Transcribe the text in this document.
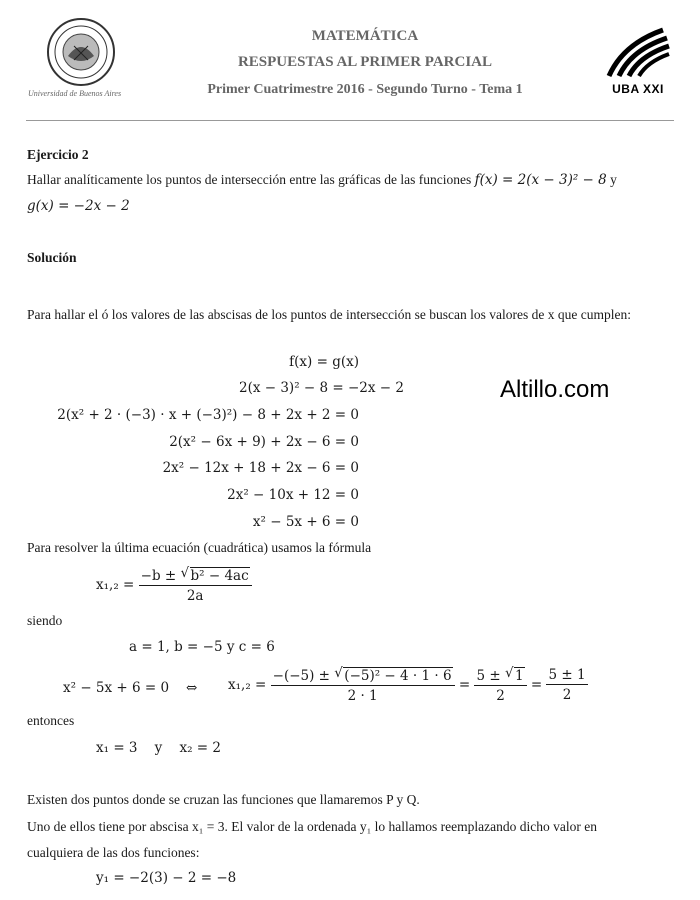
Universidad de Buenos Aires
MATEMÁTICA
RESPUESTAS AL PRIMER PARCIAL
Primer Cuatrimestre 2016 - Segundo Turno - Tema 1	UBA XXI
Altillo.com
Ejercicio 2
Hallar analíticamente los puntos de intersección entre las gráficas de las funciones f(x) = 2(x − 3)² − 8 y
g(x) = −2x − 2
Solución
Para hallar el ó los valores de las abscisas de los puntos de intersección se buscan los valores de x que cumplen:
f(x) = g(x)
2(x − 3)² − 8 = −2x − 2
2(x² + 2 · (−3) · x + (−3)²) − 8 + 2x + 2 = 0
2(x² − 6x + 9) + 2x − 6 = 0
2x² − 12x + 18 + 2x − 6 = 0
2x² − 10x + 12 = 0
x² − 5x + 6 = 0
Para resolver la última ecuación (cuadrática) usamos la fórmula
$x_1,_2 = \frac{\text{−b ± √ b² − 4ac}}{2a}$
siendo
a = 1, b = −5 y c = 6
x² − 5x + 6 = 0 ⇔ $x_1,_2 = \frac{\text{−(−5) ± √ (−5)² − 4 · 1 · 6}}{2 \cdot 1} = \frac{5 \pm √ 1}{2} = \frac{5 \pm 1}{2}$
entonces
x₁ = 3    y    x₂ = 2
Existen dos puntos donde se cruzan las funciones que llamaremos P y Q.
Uno de ellos tiene por abscisa x₁ = 3. El valor de la ordenada y₁ lo hallamos reemplazando dicho valor en
cualquiera de las dos funciones:
y₁ = −2(3) − 2 = −8
